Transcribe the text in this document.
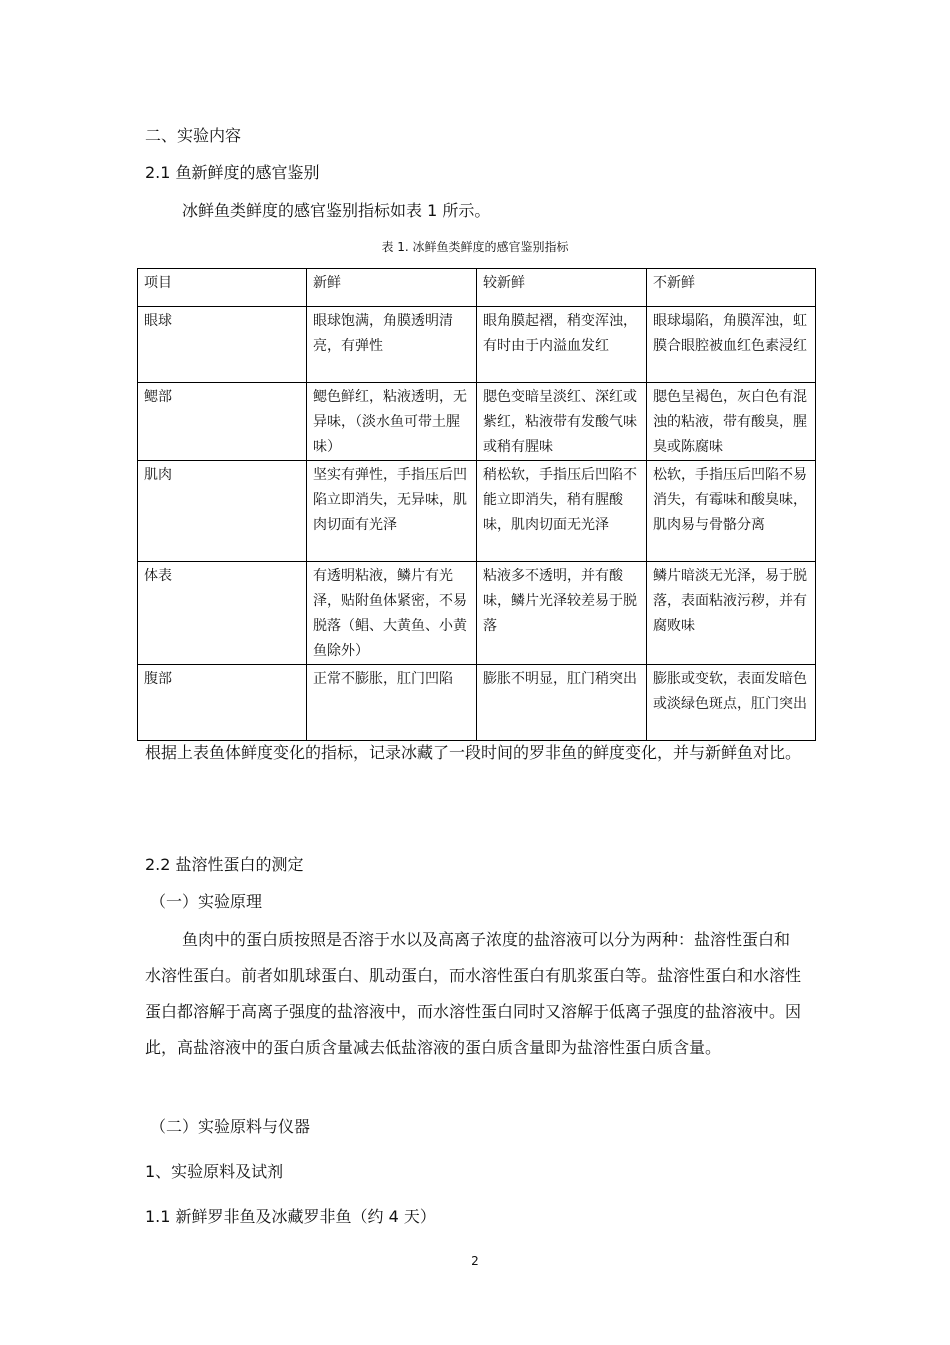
二、实验内容
2.1 鱼新鲜度的感官鉴别
冰鲜鱼类鲜度的感官鉴别指标如表 1 所示。
表 1. 冰鲜鱼类鲜度的感官鉴别指标
项目	新鲜	较新鲜	不新鲜
眼球	眼球饱满，角膜透明清亮，有弹性	眼角膜起褶，稍变浑浊，有时由于内溢血发红	眼球塌陷，角膜浑浊，虹膜合眼腔被血红色素浸红
鳃部	鳃色鲜红，粘液透明，无异味，（淡水鱼可带土腥味）	腮色变暗呈淡红、深红或紫红，粘液带有发酸气味或稍有腥味	腮色呈褐色，灰白色有混浊的粘液，带有酸臭，腥臭或陈腐味
肌肉	坚实有弹性，手指压后凹陷立即消失，无异味，肌肉切面有光泽	稍松软，手指压后凹陷不能立即消失，稍有腥酸味，肌肉切面无光泽	松软，手指压后凹陷不易消失，有霉味和酸臭味，肌肉易与骨骼分离
体表	有透明粘液，鳞片有光泽，贴附鱼体紧密，不易脱落（鲳、大黄鱼、小黄鱼除外）	粘液多不透明，并有酸味，鳞片光泽较差易于脱落	鳞片暗淡无光泽，易于脱落，表面粘液污秽，并有腐败味
腹部	正常不膨胀，肛门凹陷	膨胀不明显，肛门稍突出	膨胀或变软，表面发暗色或淡绿色斑点，肛门突出
根据上表鱼体鲜度变化的指标，记录冰藏了一段时间的罗非鱼的鲜度变化，并与新鲜鱼对比。
2.2 盐溶性蛋白的测定
（一）实验原理
鱼肉中的蛋白质按照是否溶于水以及高离子浓度的盐溶液可以分为两种：盐溶性蛋白和水溶性蛋白。前者如肌球蛋白、肌动蛋白，而水溶性蛋白有肌浆蛋白等。盐溶性蛋白和水溶性蛋白都溶解于高离子强度的盐溶液中，而水溶性蛋白同时又溶解于低离子强度的盐溶液中。因此，高盐溶液中的蛋白质含量减去低盐溶液的蛋白质含量即为盐溶性蛋白质含量。
（二）实验原料与仪器
1、实验原料及试剂
1.1 新鲜罗非鱼及冰藏罗非鱼（约 4 天）
2
